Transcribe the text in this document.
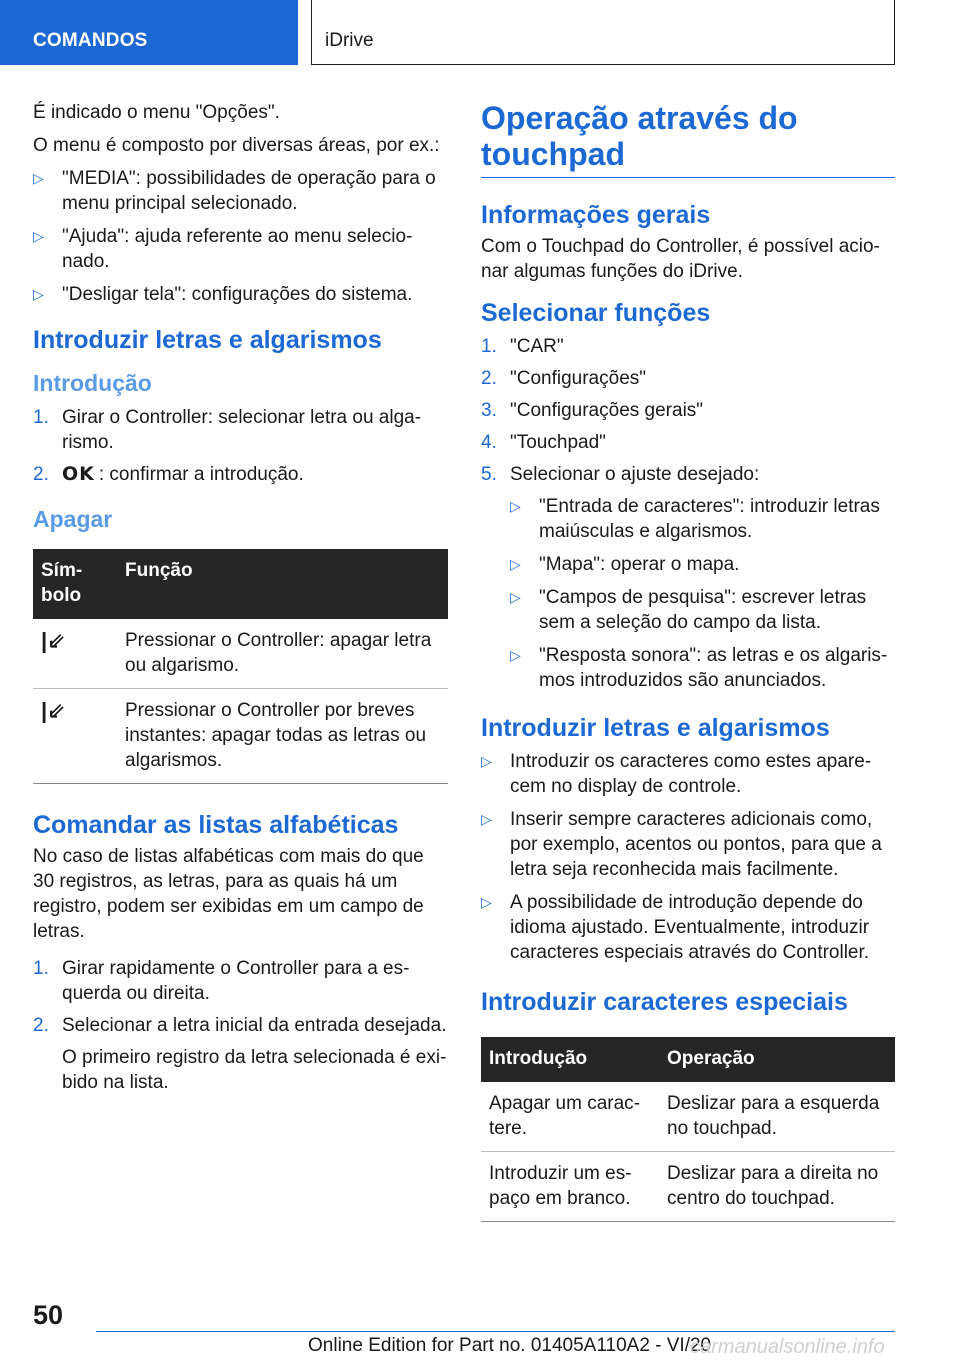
COMANDOS	iDrive

É indicado o menu "Opções".

O menu é composto por diversas áreas, por ex.:

▷ "MEDIA": possibilidades de operação para o menu principal selecionado.
▷ "Ajuda": ajuda referente ao menu selecionado.
▷ "Desligar tela": configurações do sistema.
Introduzir letras e algarismos
Introdução
1. Girar o Controller: selecionar letra ou algarismo.
2. OK : confirmar a introdução.
Apagar
Símbolo	Função
|⇙	Pressionar o Controller: apagar letra ou algarismo.
|⇙	Pressionar o Controller por breves instantes: apagar todas as letras ou algarismos.
Comandar as listas alfabéticas

No caso de listas alfabéticas com mais do que 30 registros, as letras, para as quais há um registro, podem ser exibidas em um campo de letras.

1. Girar rapidamente o Controller para a esquerda ou direita.
2. Selecionar a letra inicial da entrada desejada.

O primeiro registro da letra selecionada é exibido na lista.

Operação através do touchpad
Informações gerais

Com o Touchpad do Controller, é possível acionar algumas funções do iDrive.

Selecionar funções
1. "CAR"
2. "Configurações"
3. "Configurações gerais"
4. "Touchpad"
5. Selecionar o ajuste desejado:
▷ "Entrada de caracteres": introduzir letras maiúsculas e algarismos.
▷ "Mapa": operar o mapa.
▷ "Campos de pesquisa": escrever letras sem a seleção do campo da lista.
▷ "Resposta sonora": as letras e os algarismos introduzidos são anunciados.
Introduzir letras e algarismos
▷ Introduzir os caracteres como estes aparecem no display de controle.
▷ Inserir sempre caracteres adicionais como, por exemplo, acentos ou pontos, para que a letra seja reconhecida mais facilmente.
▷ A possibilidade de introdução depende do idioma ajustado. Eventualmente, introduzir caracteres especiais através do Controller.
Introduzir caracteres especiais
Introdução	Operação
Apagar um caractere.	Deslizar para a esquerda no touchpad.
Introduzir um espaço em branco.	Deslizar para a direita no centro do touchpad.
50
Online Edition for Part no. 01405A110A2 - VI/20
carmanualsonline.info
